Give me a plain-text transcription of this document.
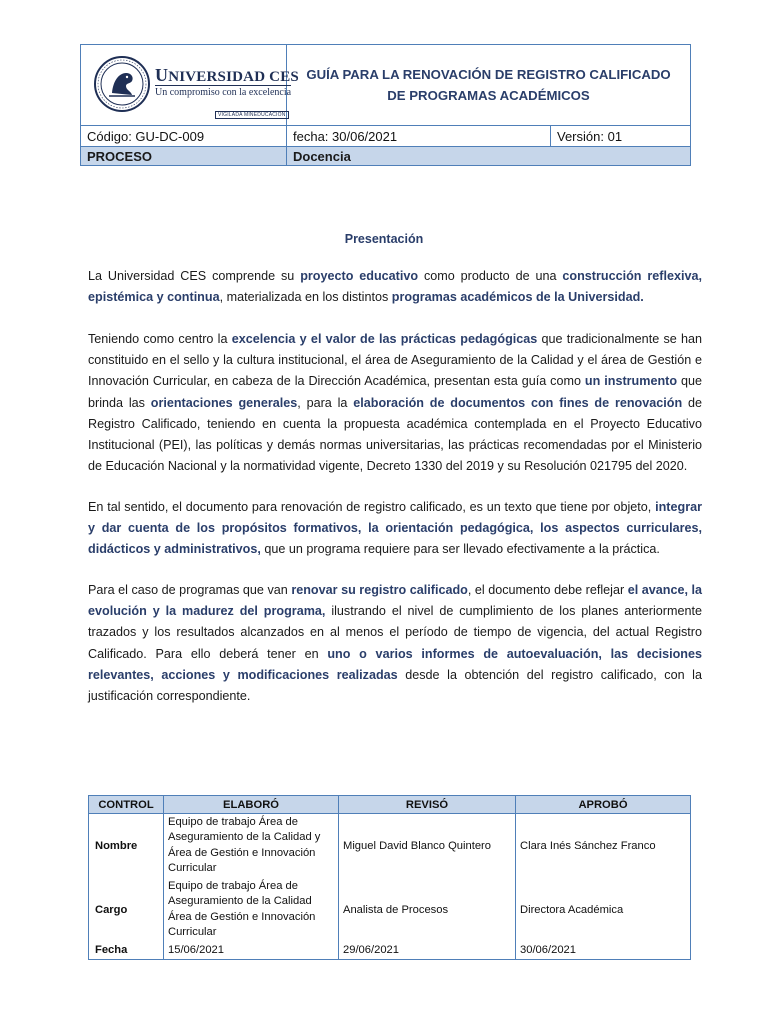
UNIVERSIDAD CES
Un compromiso con la excelencia
VIGILADA MINEDUCACIÓN	GUÍA PARA LA RENOVACIÓN DE REGISTRO CALIFICADO DE PROGRAMAS ACADÉMICOS	

Código: GU-DC-009	fecha: 30/06/2021	Versión: 01
PROCESO	Docencia	
Presentación

La Universidad CES comprende su proyecto educativo como producto de una construcción reflexiva, epistémica y continua, materializada en los distintos programas académicos de la Universidad.

Teniendo como centro la excelencia y el valor de las prácticas pedagógicas que tradicionalmente se han constituido en el sello y la cultura institucional, el área de Aseguramiento de la Calidad y el área de Gestión e Innovación Curricular, en cabeza de la Dirección Académica, presentan esta guía como un instrumento que brinda las orientaciones generales, para la elaboración de documentos con fines de renovación de Registro Calificado, teniendo en cuenta la propuesta académica contemplada en el Proyecto Educativo Institucional (PEI), las políticas y demás normas universitarias, las prácticas recomendadas por el Ministerio de Educación Nacional y la normatividad vigente, Decreto 1330 del 2019 y su Resolución 021795 del 2020.

En tal sentido, el documento para renovación de registro calificado, es un texto que tiene por objeto, integrar y dar cuenta de los propósitos formativos, la orientación pedagógica, los aspectos curriculares, didácticos y administrativos, que un programa requiere para ser llevado efectivamente a la práctica.

Para el caso de programas que van renovar su registro calificado, el documento debe reflejar el avance, la evolución y la madurez del programa, ilustrando el nivel de cumplimiento de los planes anteriormente trazados y los resultados alcanzados en al menos el período de tiempo de vigencia, del actual Registro Calificado. Para ello deberá tener en uno o varios informes de autoevaluación, las decisiones relevantes, acciones y modificaciones realizadas desde la obtención del registro calificado, con la justificación correspondiente.

CONTROL	ELABORÓ	REVISÓ	APROBÓ
Nombre	Equipo de trabajo Área de Aseguramiento de la Calidad y Área de Gestión e Innovación Curricular	Miguel David Blanco Quintero	Clara Inés Sánchez Franco
Cargo	Equipo de trabajo Área de Aseguramiento de la Calidad Área de Gestión e Innovación Curricular	Analista de Procesos	Directora Académica
Fecha	15/06/2021	29/06/2021	30/06/2021
